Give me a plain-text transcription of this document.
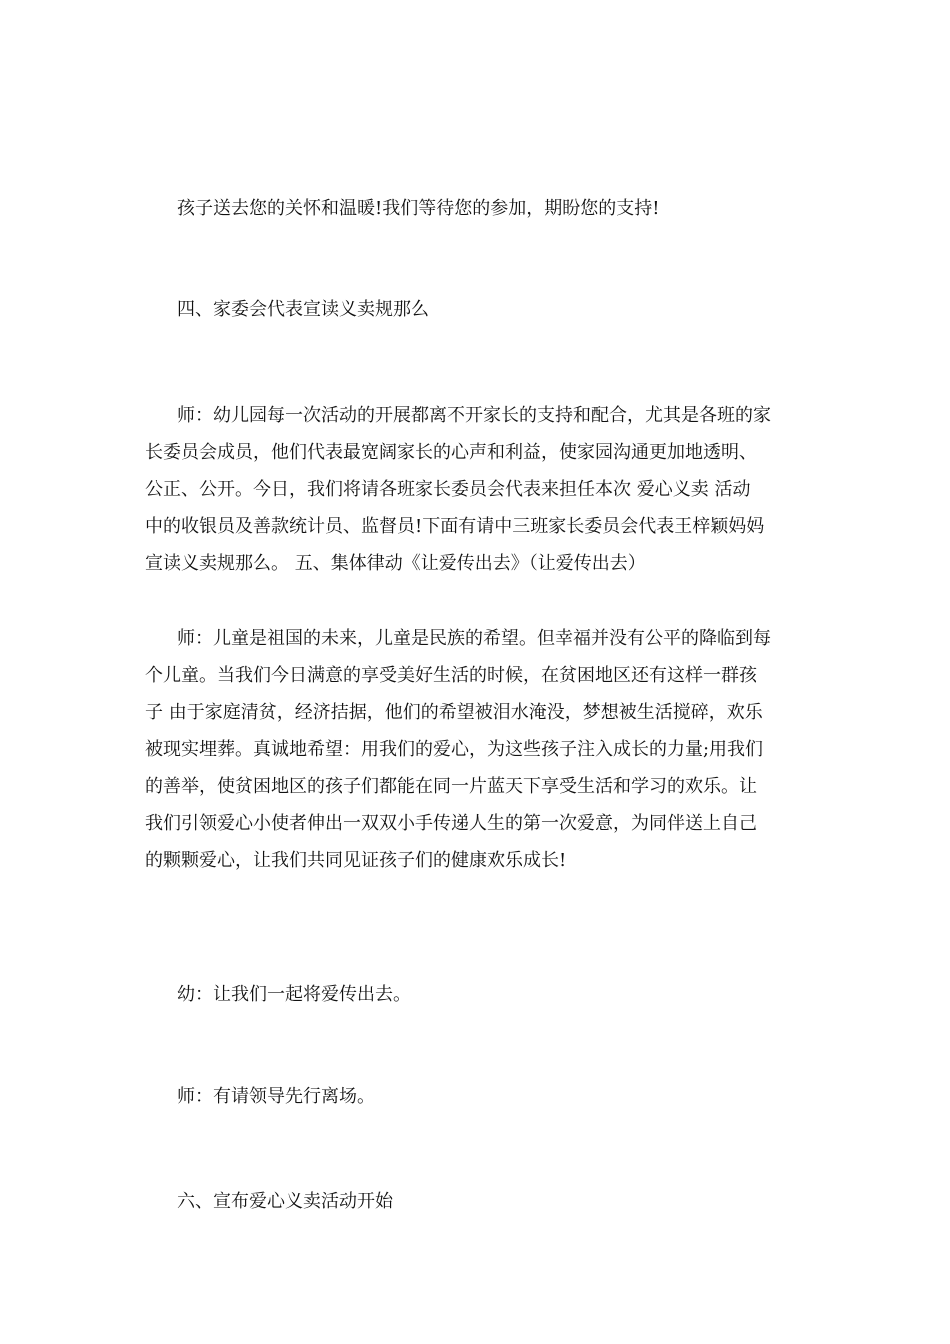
孩子送去您的关怀和温暖!我们等待您的参加，期盼您的支持!

四、家委会代表宣读义卖规那么

师：幼儿园每一次活动的开展都离不开家长的支持和配合，尤其是各班的家
长委员会成员，他们代表最宽阔家长的心声和利益，使家园沟通更加地透明、
公正、公开。今日，我们将请各班家长委员会代表来担任本次 爱心义卖 活动
中的收银员及善款统计员、监督员!下面有请中三班家长委员会代表王梓颖妈妈
宣读义卖规那么。 五、集体律动《让爱传出去》（让爱传出去）

师：儿童是祖国的未来，儿童是民族的希望。但幸福并没有公平的降临到每
个儿童。当我们今日满意的享受美好生活的时候，在贫困地区还有这样一群孩
子 由于家庭清贫，经济拮据，他们的希望被泪水淹没，梦想被生活搅碎，欢乐
被现实埋葬。真诚地希望：用我们的爱心，为这些孩子注入成长的力量;用我们
的善举，使贫困地区的孩子们都能在同一片蓝天下享受生活和学习的欢乐。让
我们引领爱心小使者伸出一双双小手传递人生的第一次爱意，为同伴送上自己
的颗颗爱心，让我们共同见证孩子们的健康欢乐成长!

幼：让我们一起将爱传出去。

师：有请领导先行离场。

六、宣布爱心义卖活动开始
